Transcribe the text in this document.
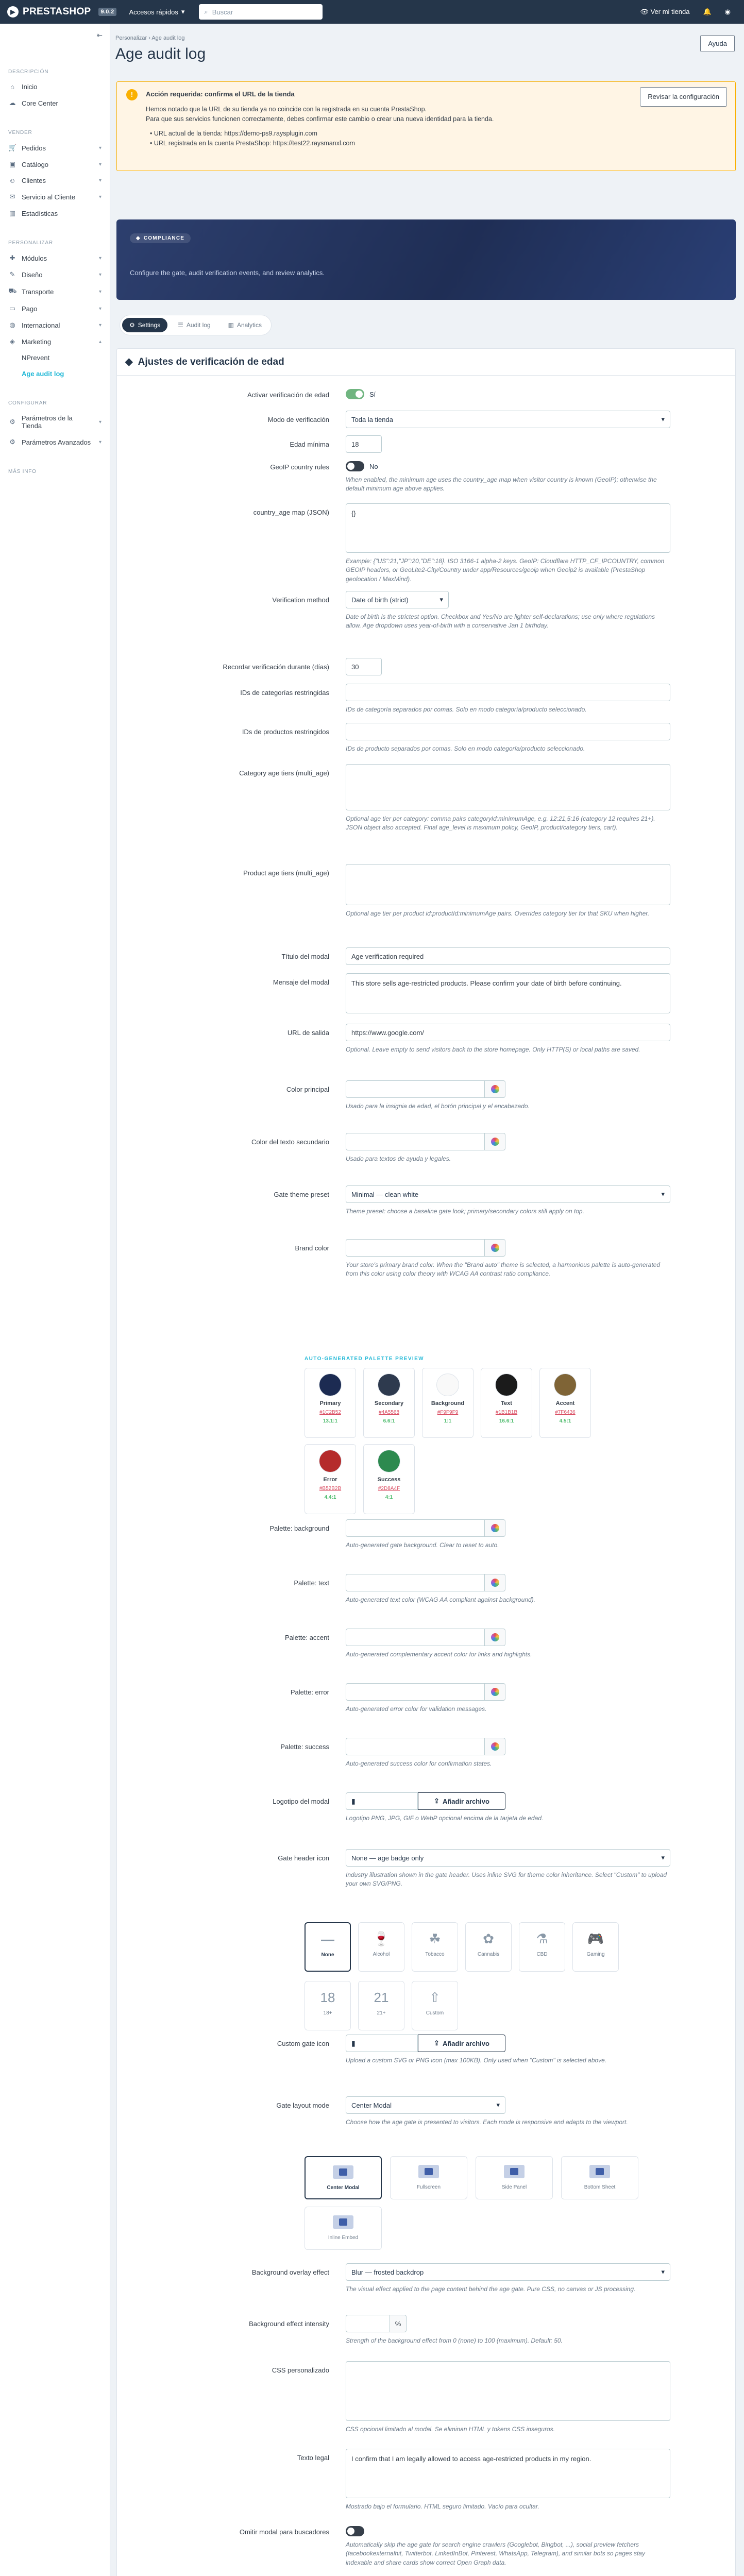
▶ PRESTASHOP	9.0.2	Accesos rápidos ▾	⌕ Buscar	👁 Ver mi tienda 🔔 ◉
⇤
DESCRIPCIÓN
⌂	Inicio
☁ Core Center
VENDER
🛒 Pedidos	▾
▣ Catálogo	▾
☺ Clientes	▾
✉ Servicio al Cliente	▾
▥ Estadísticas
PERSONALIZAR
✚ Módulos	▾
✎ Diseño	▾
⛟ Transporte	▾
▭ Pago	▾
◍ Internacional	▾
◈ Marketing	▴
NPrevent
Age audit log
CONFIGURAR
⚙ Parámetros de la Tienda	▾
⚙ Parámetros Avanzados ▾
MÁS INFO
Personalizar › Age audit log
Age audit log
Ayuda
!	Acción requerida: confirma el URL de la tienda
Hemos notado que la URL de su tienda ya no coincide con la registrada en su cuenta PrestaShop.
Para que sus servicios funcionen correctamente, debes confirmar este cambio o crear una nueva identidad para la tienda.
• URL actual de la tienda: https://demo-ps9.raysplugin.com
• URL registrada en la cuenta PrestaShop: https://test22.raysmanxl.com
Revisar la configuración
◆ COMPLIANCE
Configure the gate, audit verification events, and review analytics.
⚙ Settings	☰ Audit log	▥ Analytics
◆ Ajustes de verificación de edad
Activar verificación de edad	Sí
Modo de verificación	Toda la tienda	▾
Edad mínima	18
GeoIP country rules	No
When enabled, the minimum age uses the country_age map when visitor country is known (GeoIP); otherwise the default minimum age above applies.
country_age map (JSON)	{}
Example: {"US":21,"JP":20,"DE":18}. ISO 3166-1 alpha-2 keys. GeoIP: Cloudflare HTTP_CF_IPCOUNTRY, common GEOIP headers, or GeoLite2-City/Country under app/Resources/geoip when Geoip2 is available (PrestaShop geolocation / MaxMind).
Verification method	Date of birth (strict)	▾
Date of birth is the strictest option. Checkbox and Yes/No are lighter self-declarations; use only where regulations allow. Age dropdown uses year-of-birth with a conservative Jan 1 birthday.
Recordar verificación durante (días)	30
IDs de categorías restringidas
IDs de categoría separados por comas. Solo en modo categoría/producto seleccionado.
IDs de productos restringidos
IDs de producto separados por comas. Solo en modo categoría/producto seleccionado.
Category age tiers (multi_age)
Optional age tier per category: comma pairs categoryId:minimumAge, e.g. 12:21,5:16 (category 12 requires 21+). JSON object also accepted. Final age_level is maximum policy, GeoIP, product/category tiers, cart).
Product age tiers (multi_age)
Optional age tier per product id:productId:minimumAge pairs. Overrides category tier for that SKU when higher.
Título del modal	Age verification required
Mensaje del modal	This store sells age-restricted products. Please confirm your date of birth before continuing.
URL de salida	https://www.google.com/
Optional. Leave empty to send visitors back to the store homepage. Only HTTP(S) or local paths are saved.
Color principal
Usado para la insignia de edad, el botón principal y el encabezado.
Color del texto secundario
Usado para textos de ayuda y legales.
Gate theme preset	Minimal — clean white	▾
Theme preset: choose a baseline gate look; primary/secondary colors still apply on top.
Brand color
Your store's primary brand color. When the "Brand auto" theme is selected, a harmonious palette is auto-generated from this color using color theory with WCAG AA contrast ratio compliance.
AUTO-GENERATED PALETTE PREVIEW
Primary
#1C2B52
13.1:1
Secondary
#4A5568
6.6:1
Background
#F9F9F9
1:1
Text
#1B1B1B
16.6:1
Accent
#7F6436
4.5:1
Error
#B52B2B
4.4:1
Success
#2D8A4F
4:1
Palette: background
Auto-generated gate background. Clear to reset to auto.
Palette: text
Auto-generated text color (WCAG AA compliant against background).
Palette: accent
Auto-generated complementary accent color for links and highlights.
Palette: error
Auto-generated error color for validation messages.
Palette: success
Auto-generated success color for confirmation states.
Logotipo del modal	▮	⇪ Añadir archivo
Logotipo PNG, JPG, GIF o WebP opcional encima de la tarjeta de edad.
Gate header icon	None — age badge only	▾
Industry illustration shown in the gate header. Uses inline SVG for theme color inheritance. Select "Custom" to upload your own SVG/PNG.
—
None
🍷
Alcohol
☘
Tobacco
✿
Cannabis
⚗
CBD
🎮
Gaming
18
18+
21
21+
⇧
Custom
Custom gate icon	▮	⇪ Añadir archivo
Upload a custom SVG or PNG icon (max 100KB). Only used when "Custom" is selected above.
Gate layout mode	Center Modal	▾
Choose how the age gate is presented to visitors. Each mode is responsive and adapts to the viewport.
Center Modal	Fullscreen	Side Panel	Bottom Sheet
Inline Embed
Background overlay effect	Blur — frosted backdrop	▾
The visual effect applied to the page content behind the age gate. Pure CSS, no canvas or JS processing.
Background effect intensity	%
Strength of the background effect from 0 (none) to 100 (maximum). Default: 50.
CSS personalizado
CSS opcional limitado al modal. Se eliminan HTML y tokens CSS inseguros.
Texto legal	I confirm that I am legally allowed to access age-restricted products in my region.
Mostrado bajo el formulario. HTML seguro limitado. Vacío para ocultar.
Omitir modal para buscadores
Automatically skip the age gate for search engine crawlers (Googlebot, Bingbot, ...), social preview fetchers (facebookexternalhit, Twitterbot, LinkedInBot, Pinterest, WhatsApp, Telegram), and similar bots so pages stay indexable and share cards show correct Open Graph data.
